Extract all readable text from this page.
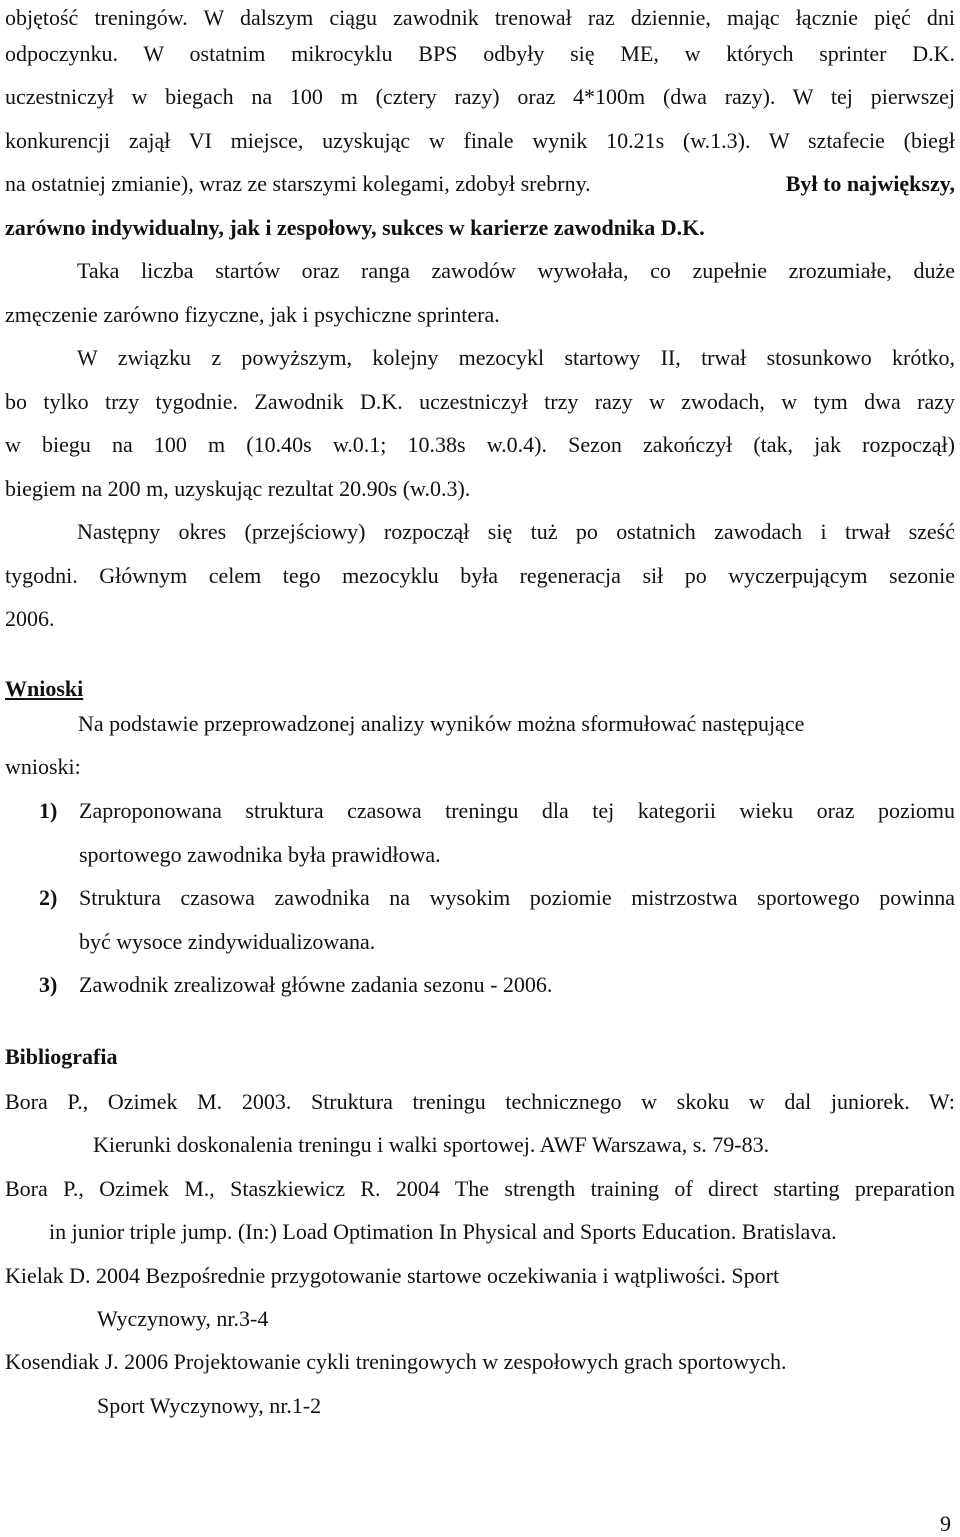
objętość treningów. W dalszym ciągu zawodnik trenował raz dziennie, mając łącznie pięć dni
odpoczynku. W ostatnim mikrocyklu BPS odbyły się ME, w których sprinter D.K.
uczestniczył w biegach na 100 m (cztery razy) oraz 4*100m (dwa razy). W tej pierwszej
konkurencji zajął VI miejsce, uzyskując w finale wynik 10.21s (w.1.3). W sztafecie (biegł
na ostatniej zmianie), wraz ze starszymi kolegami, zdobył srebrny.	Był to największy,
zarówno indywidualny, jak i zespołowy, sukces w karierze zawodnika D.K.
Taka liczba startów oraz ranga zawodów wywołała, co zupełnie zrozumiałe, duże
zmęczenie zarówno fizyczne, jak i psychiczne sprintera.
W związku z powyższym, kolejny mezocykl startowy II, trwał stosunkowo krótko,
bo tylko trzy tygodnie. Zawodnik D.K. uczestniczył trzy razy w zwodach, w tym dwa razy
w biegu na 100 m (10.40s w.0.1; 10.38s w.0.4). Sezon zakończył (tak, jak rozpoczął)
biegiem na 200 m, uzyskując rezultat 20.90s (w.0.3).
Następny okres (przejściowy) rozpoczął się tuż po ostatnich zawodach i trwał sześć
tygodni. Głównym celem tego mezocyklu była regeneracja sił po wyczerpującym sezonie
2006.
Wnioski
Na podstawie przeprowadzonej analizy wyników można sformułować następujące
wnioski:
1) Zaproponowana struktura czasowa treningu dla tej kategorii wieku oraz poziomu
sportowego zawodnika była prawidłowa.
2) Struktura czasowa zawodnika na wysokim poziomie mistrzostwa sportowego powinna
być wysoce zindywidualizowana.
3) Zawodnik zrealizował główne zadania sezonu - 2006.
Bibliografia
Bora P., Ozimek M. 2003. Struktura treningu technicznego w skoku w dal juniorek. W:
Kierunki doskonalenia treningu i walki sportowej. AWF Warszawa, s. 79-83.
Bora P., Ozimek M., Staszkiewicz R. 2004 The strength training of direct starting preparation
in junior triple jump. (In:) Load Optimation In Physical and Sports Education. Bratislava.
Kielak D. 2004 Bezpośrednie przygotowanie startowe oczekiwania i wątpliwości. Sport
Wyczynowy, nr.3-4
Kosendiak J. 2006 Projektowanie cykli treningowych w zespołowych grach sportowych.
Sport Wyczynowy, nr.1-2
9
